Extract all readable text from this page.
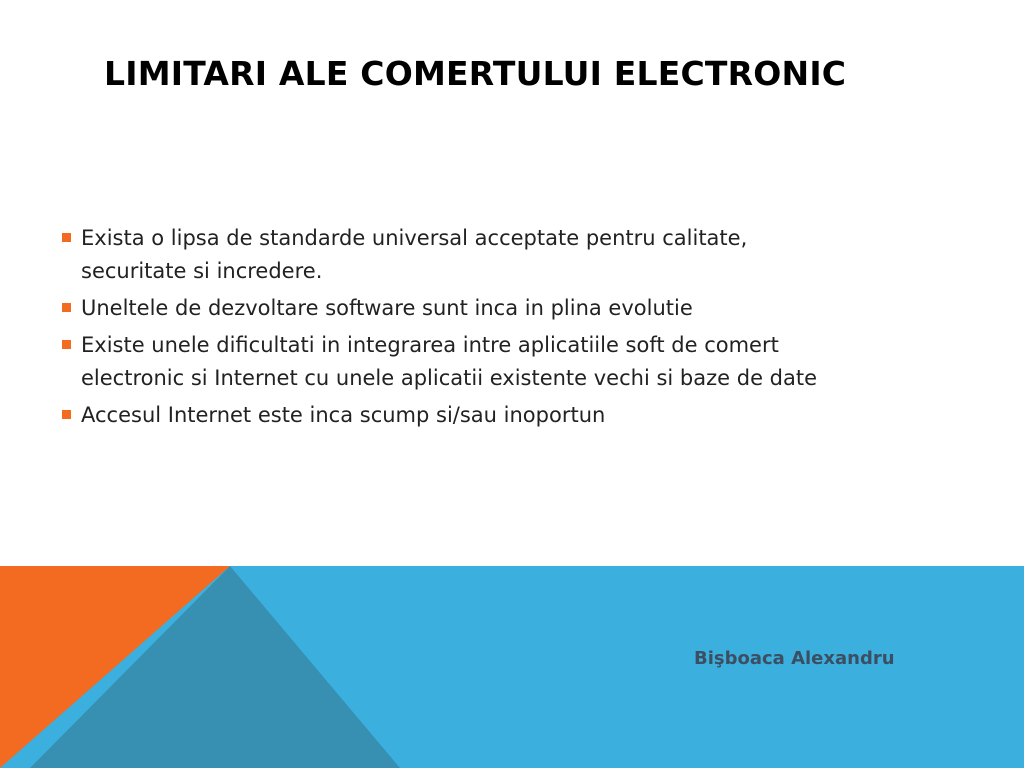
LIMITARI ALE COMERTULUI ELECTRONIC
Exista o lipsa de standarde universal acceptate pentru calitate,
securitate si incredere.
Uneltele de dezvoltare software sunt inca in plina evolutie
Existe unele dificultati in integrarea intre aplicatiile soft de comert
electronic si Internet cu unele aplicatii existente vechi si baze de date
Accesul Internet este inca scump si/sau inoportun
Bişboaca Alexandru
